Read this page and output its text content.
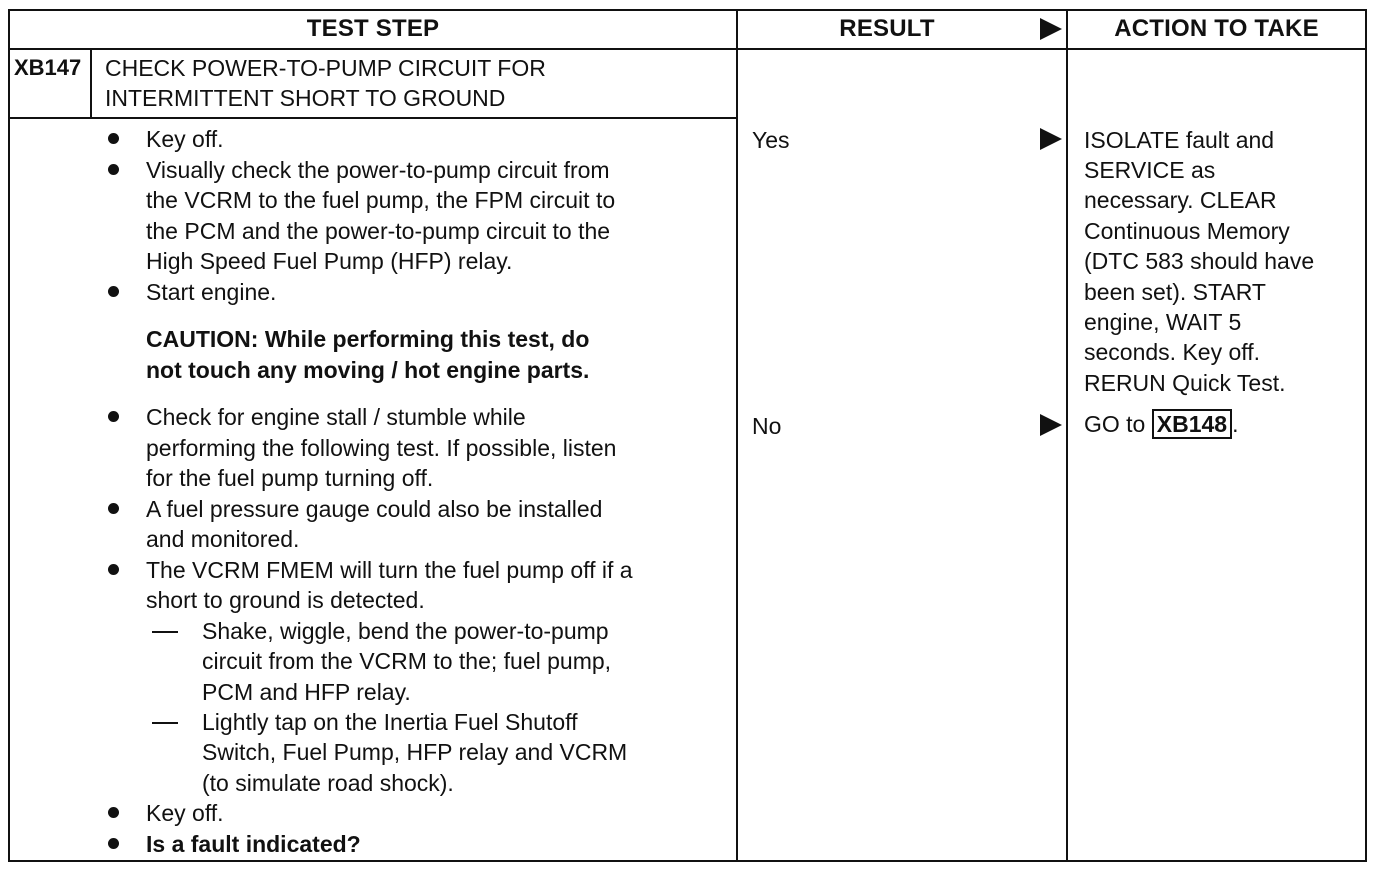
TEST STEP	RESULT	ACTION TO TAKE
XB147 CHECK POWER-TO-PUMP CIRCUIT FOR
INTERMITTENT SHORT TO GROUND
Key off.
Visually check the power-to-pump circuit from
the VCRM to the fuel pump, the FPM circuit to
the PCM and the power-to-pump circuit to the
High Speed Fuel Pump (HFP) relay.
Start engine.
CAUTION: While performing this test, do
not touch any moving / hot engine parts.
Check for engine stall / stumble while
performing the following test. If possible, listen
for the fuel pump turning off.
A fuel pressure gauge could also be installed
and monitored.
The VCRM FMEM will turn the fuel pump off if a
short to ground is detected.
Shake, wiggle, bend the power-to-pump
circuit from the VCRM to the; fuel pump,
PCM and HFP relay.
Lightly tap on the Inertia Fuel Shutoff
Switch, Fuel Pump, HFP relay and VCRM
(to simulate road shock).
Key off.
Is a fault indicated?
Yes
No
ISOLATE fault and
SERVICE as
necessary. CLEAR
Continuous Memory
(DTC 583 should have
been set). START
engine, WAIT 5
seconds. Key off.
RERUN Quick Test.
GO to XB148 .
